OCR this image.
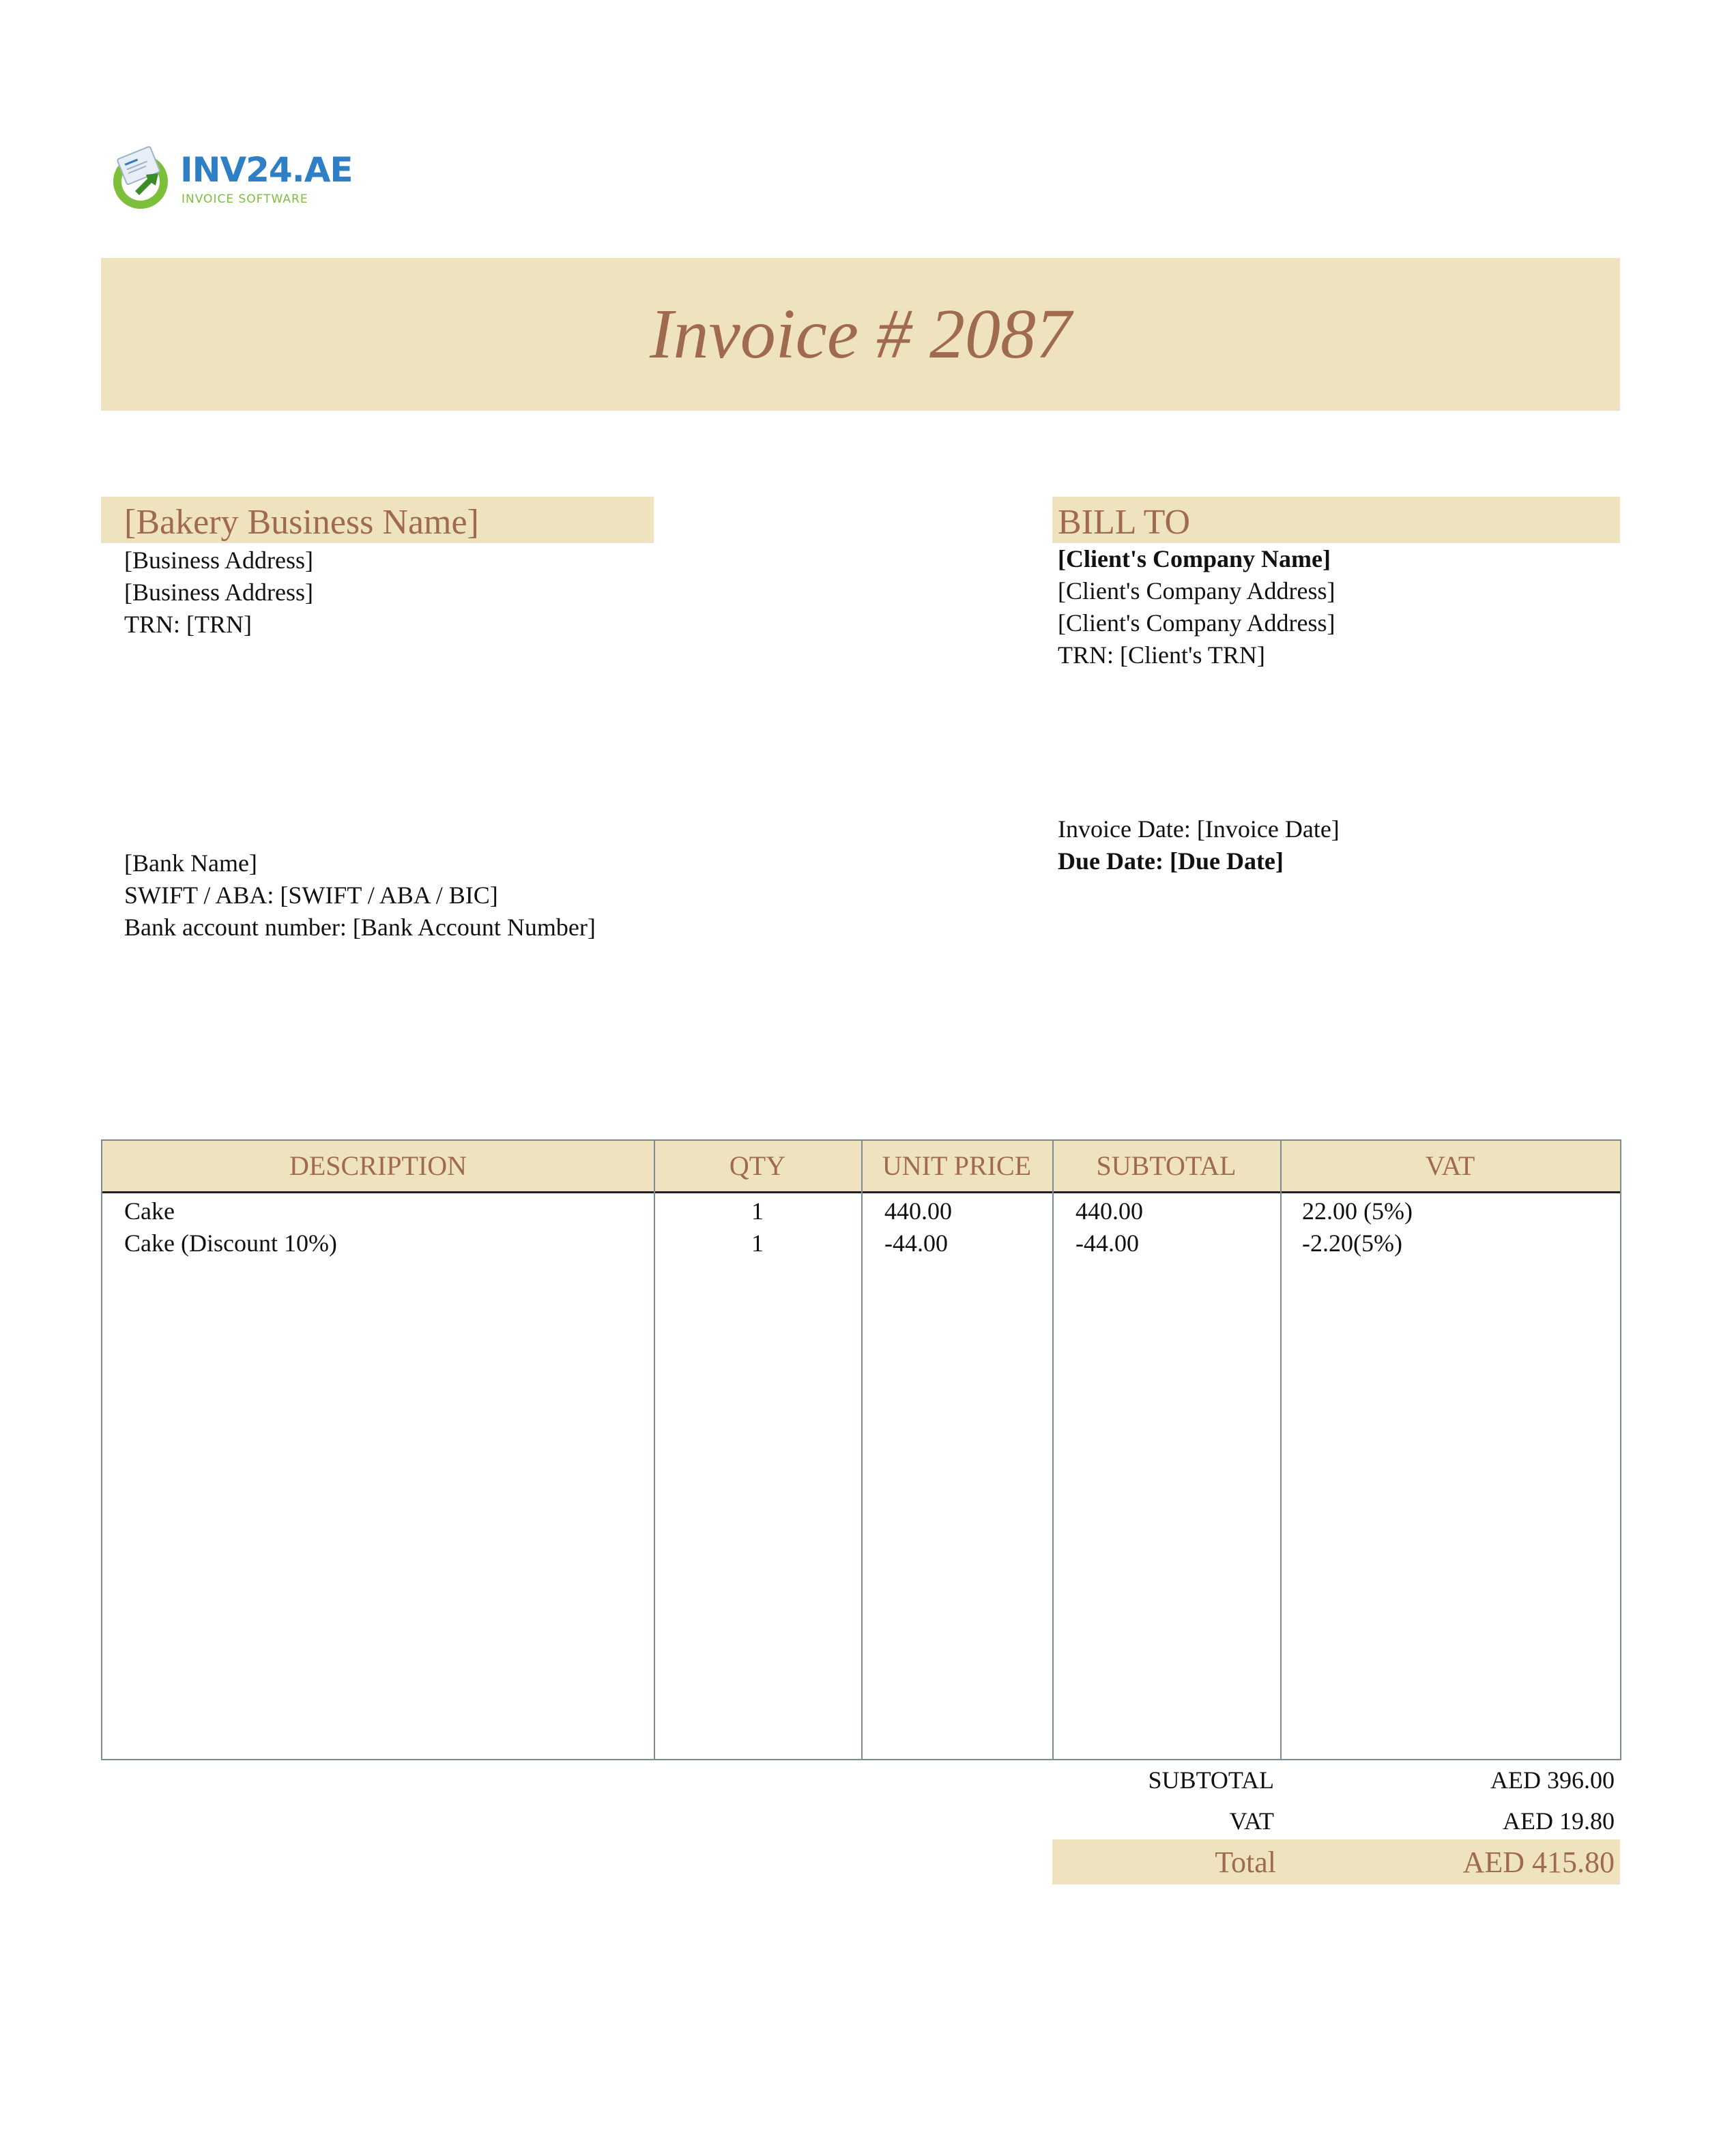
INV24.AE
INVOICE SOFTWARE
Invoice # 2087
[Bakery Business Name]
[Business Address]
[Business Address]
TRN: [TRN]
[Bank Name]
SWIFT / ABA: [SWIFT / ABA / BIC]
Bank account number: [Bank Account Number]
BILL TO
[Client's Company Name]
[Client's Company Address]
[Client's Company Address]
TRN: [Client's TRN]
Invoice Date: [Invoice Date]
Due Date: [Due Date]
DESCRIPTION	QTY	UNIT PRICE	SUBTOTAL	VAT
Cake	1	440.00	440.00	22.00 (5%)
Cake (Discount 10%)	1	-44.00	-44.00	-2.20(5%)
SUBTOTAL	AED 396.00
VAT	AED 19.80
Total	AED 415.80
